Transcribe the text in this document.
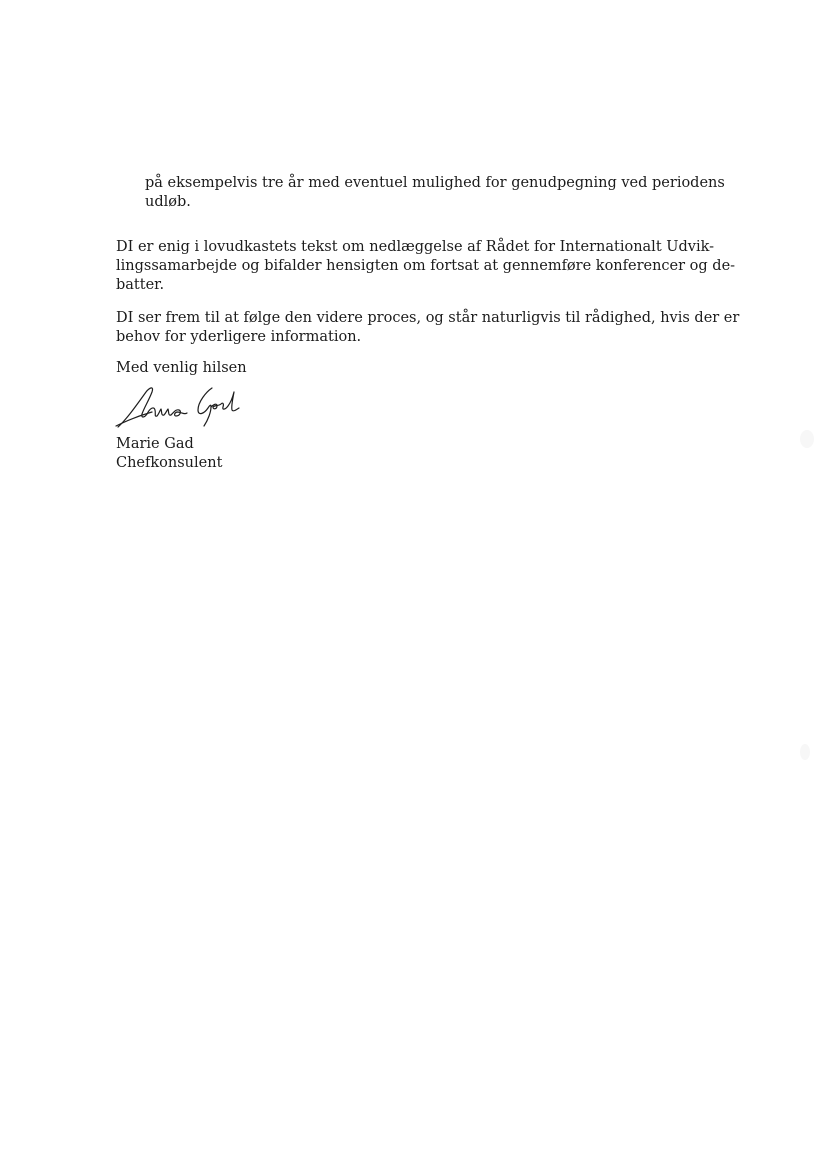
på eksempelvis tre år med eventuel mulighed for genudpegning ved periodens
udløb.
DI er enig i lovudkastets tekst om nedlæggelse af Rådet for Internationalt Udvik-
lingssamarbejde og bifalder hensigten om fortsat at gennemføre konferencer og de-
batter.
DI ser frem til at følge den videre proces, og står naturligvis til rådighed, hvis der er
behov for yderligere information.
Med venlig hilsen
Marie Gad
Chefkonsulent
